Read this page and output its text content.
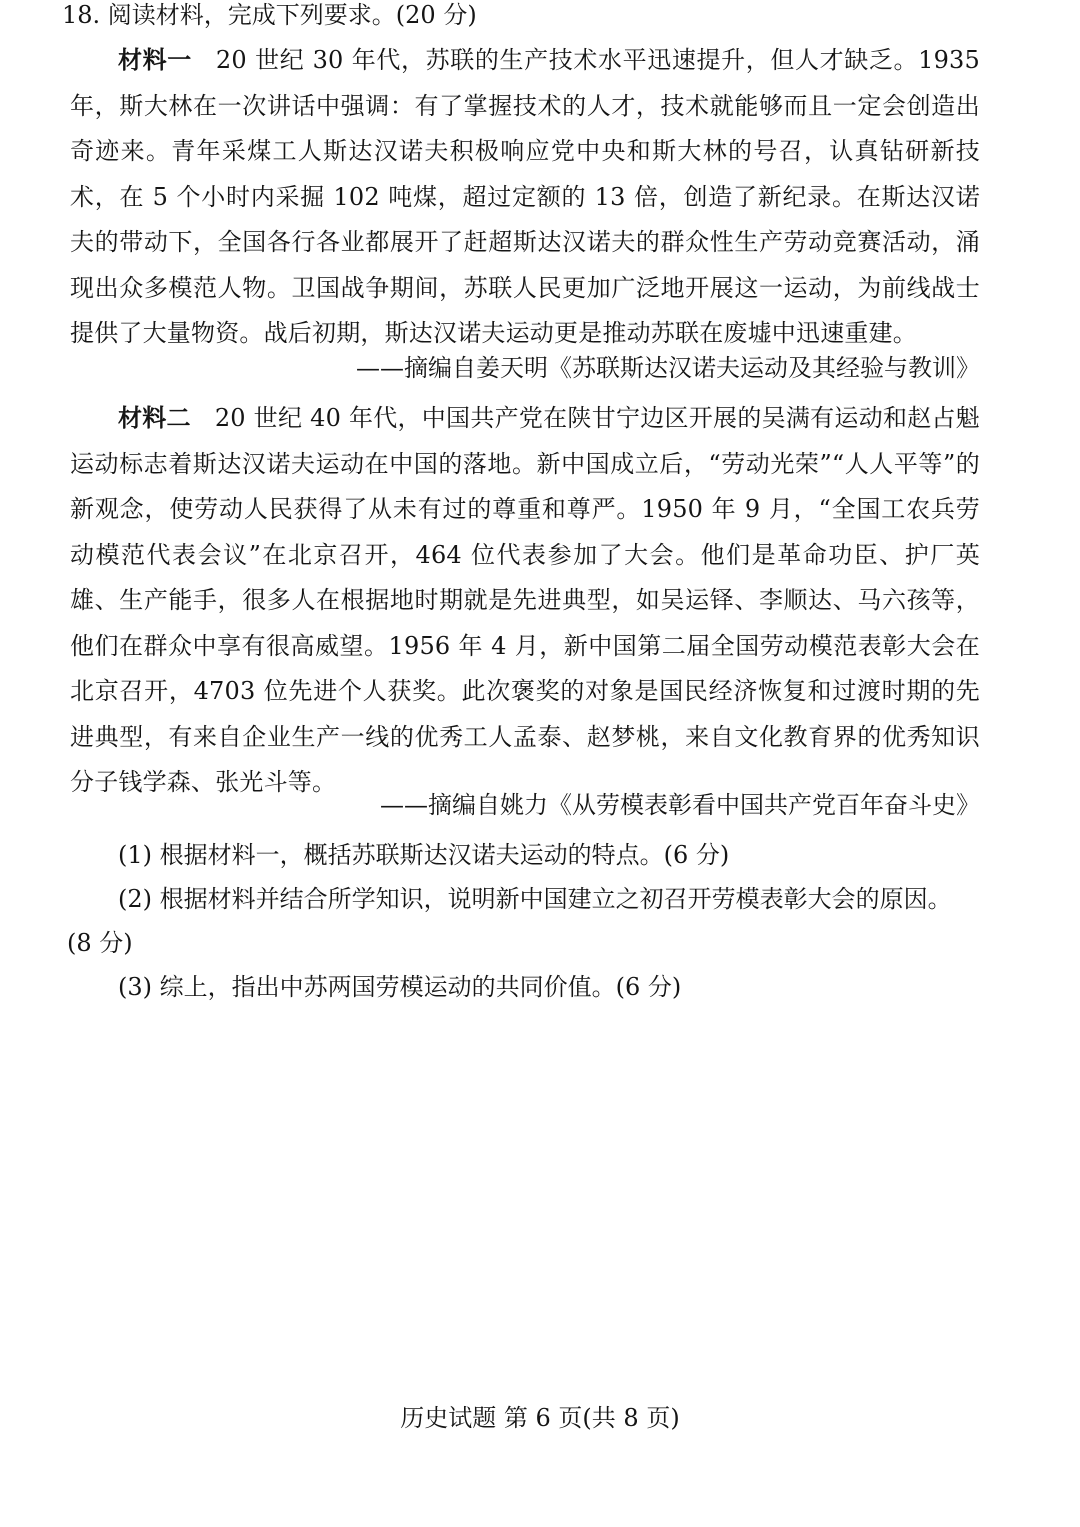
18. 阅读材料，完成下列要求。(20 分)
材料一 20 世纪 30 年代，苏联的生产技术水平迅速提升，但人才缺乏。1935 年，斯大林在一次讲话中强调：有了掌握技术的人才，技术就能够而且一定会创造出奇迹来。青年采煤工人斯达汉诺夫积极响应党中央和斯大林的号召，认真钻研新技术，在 5 个小时内采掘 102 吨煤，超过定额的 13 倍，创造了新纪录。在斯达汉诺夫的带动下，全国各行各业都展开了赶超斯达汉诺夫的群众性生产劳动竞赛活动，涌现出众多模范人物。卫国战争期间，苏联人民更加广泛地开展这一运动，为前线战士提供了大量物资。战后初期，斯达汉诺夫运动更是推动苏联在废墟中迅速重建。
——摘编自姜天明《苏联斯达汉诺夫运动及其经验与教训》
材料二 20 世纪 40 年代，中国共产党在陕甘宁边区开展的吴满有运动和赵占魁运动标志着斯达汉诺夫运动在中国的落地。新中国成立后，“劳动光荣”“人人平等”的新观念，使劳动人民获得了从未有过的尊重和尊严。1950 年 9 月，“全国工农兵劳动模范代表会议”在北京召开，464 位代表参加了大会。他们是革命功臣、护厂英雄、生产能手，很多人在根据地时期就是先进典型，如吴运铎、李顺达、马六孩等，他们在群众中享有很高威望。1956 年 4 月，新中国第二届全国劳动模范表彰大会在北京召开，4703 位先进个人获奖。此次褒奖的对象是国民经济恢复和过渡时期的先进典型，有来自企业生产一线的优秀工人孟泰、赵梦桃，来自文化教育界的优秀知识分子钱学森、张光斗等。
——摘编自姚力《从劳模表彰看中国共产党百年奋斗史》
(1) 根据材料一，概括苏联斯达汉诺夫运动的特点。(6 分)
(2) 根据材料并结合所学知识，说明新中国建立之初召开劳模表彰大会的原因。
(8 分)
(3) 综上，指出中苏两国劳模运动的共同价值。(6 分)
历史试题 第 6 页(共 8 页)
